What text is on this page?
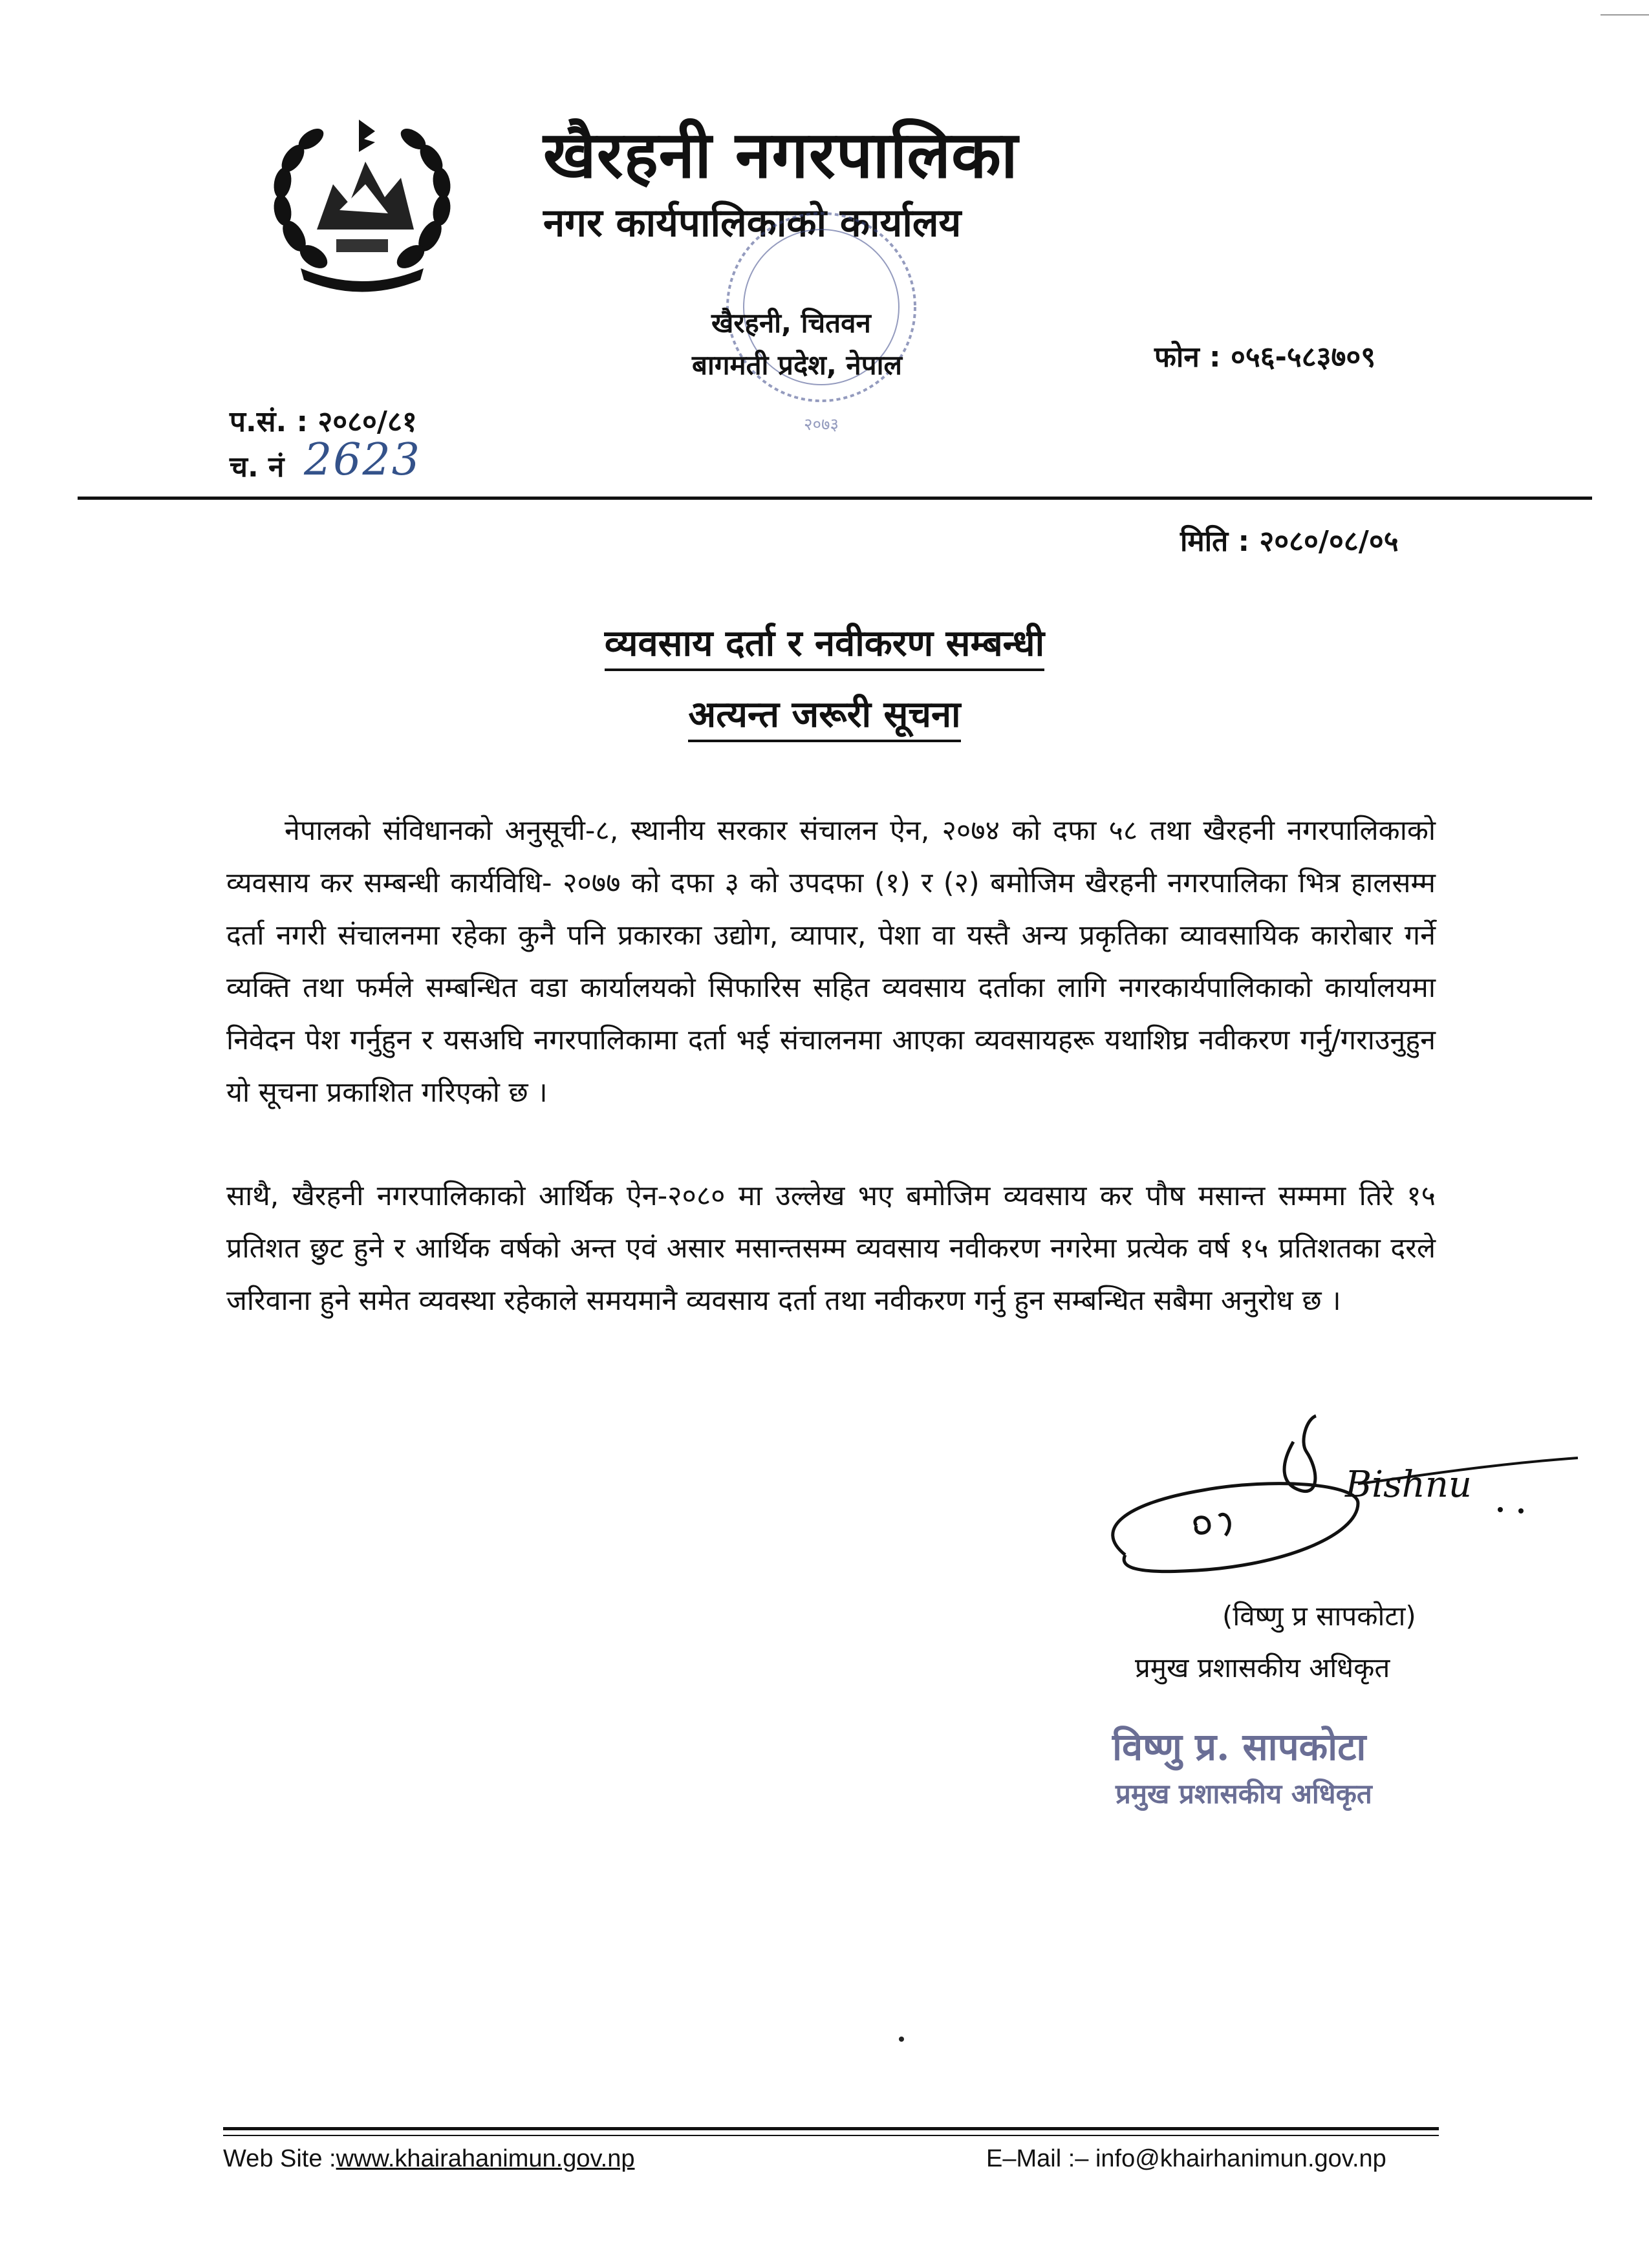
खैरहनी नगरपालिका
नगर कार्यपालिकाको कार्यालय
२०७३
खैरहनी, चितवन
बागमती प्रदेश, नेपाल	फोन : ०५६-५८३७०९
प.सं. : २०८०/८१
च. नं 2623
मिति : २०८०/०८/०५
व्यवसाय दर्ता र नवीकरण सम्बन्धी
अत्यन्त जरूरी सूचना

नेपालको संविधानको अनुसूची-८, स्थानीय सरकार संचालन ऐन, २०७४ को दफा ५८ तथा खैरहनी नगरपालिकाको व्यवसाय कर सम्बन्धी कार्यविधि- २०७७ को दफा ३ को उपदफा (१) र (२) बमोजिम खैरहनी नगरपालिका भित्र हालसम्म दर्ता नगरी संचालनमा रहेका कुनै पनि प्रकारका उद्योग, व्यापार, पेशा वा यस्तै अन्य प्रकृतिका व्यावसायिक कारोबार गर्ने व्यक्ति तथा फर्मले सम्बन्धित वडा कार्यालयको सिफारिस सहित व्यवसाय दर्ताका लागि नगरकार्यपालिकाको कार्यालयमा निवेदन पेश गर्नुहुन र यसअघि नगरपालिकामा दर्ता भई संचालनमा आएका व्यवसायहरू यथाशिघ्र नवीकरण गर्नु/गराउनुहुन यो सूचना प्रकाशित गरिएको छ ।

साथै, खैरहनी नगरपालिकाको आर्थिक ऐन-२०८० मा उल्लेख भए बमोजिम व्यवसाय कर पौष मसान्त सम्ममा तिरे १५ प्रतिशत छुट हुने र आर्थिक वर्षको अन्त एवं असार मसान्तसम्म व्यवसाय नवीकरण नगरेमा प्रत्येक वर्ष १५ प्रतिशतका दरले जरिवाना हुने समेत व्यवस्था रहेकाले समयमानै व्यवसाय दर्ता तथा नवीकरण गर्नु हुन सम्बन्धित सबैमा अनुरोध छ ।

Bishnu
(विष्णु प्र सापकोटा)
प्रमुख प्रशासकीय अधिकृत
विष्णु प्र. सापकोटा
प्रमुख प्रशासकीय अधिकृत
Web Site :www.khairahanimun.gov.np	E–Mail :– info@khairhanimun.gov.np
